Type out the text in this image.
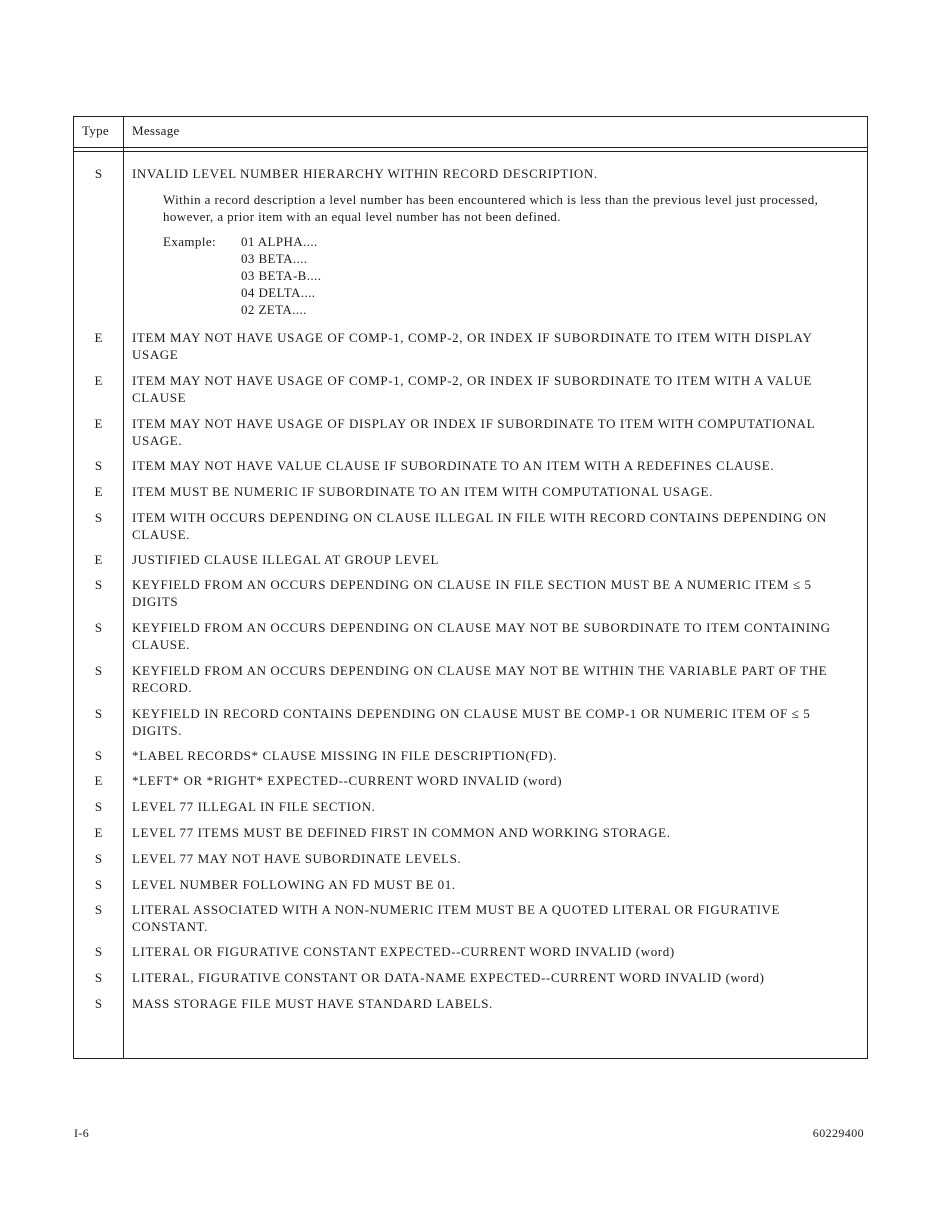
Type Message
S	INVALID LEVEL NUMBER HIERARCHY WITHIN RECORD DESCRIPTION.
Within a record description a level number has been encountered which is less than the previous level just processed, however, a prior item with an equal level number has not been defined.
Example:	01 ALPHA....
03 BETA....
03 BETA-B....
04 DELTA....
02 ZETA....
E	ITEM MAY NOT HAVE USAGE OF COMP-1, COMP-2, OR INDEX IF SUBORDINATE TO ITEM WITH DISPLAY USAGE
E	ITEM MAY NOT HAVE USAGE OF COMP-1, COMP-2, OR INDEX IF SUBORDINATE TO ITEM WITH A VALUE CLAUSE
E	ITEM MAY NOT HAVE USAGE OF DISPLAY OR INDEX IF SUBORDINATE TO ITEM WITH COMPUTATIONAL USAGE.
S	ITEM MAY NOT HAVE VALUE CLAUSE IF SUBORDINATE TO AN ITEM WITH A REDEFINES CLAUSE.
E	ITEM MUST BE NUMERIC IF SUBORDINATE TO AN ITEM WITH COMPUTATIONAL USAGE.
S	ITEM WITH OCCURS DEPENDING ON CLAUSE ILLEGAL IN FILE WITH RECORD CONTAINS DEPENDING ON CLAUSE.
E	JUSTIFIED CLAUSE ILLEGAL AT GROUP LEVEL
S	KEYFIELD FROM AN OCCURS DEPENDING ON CLAUSE IN FILE SECTION MUST BE A NUMERIC ITEM ≤ 5 DIGITS
S	KEYFIELD FROM AN OCCURS DEPENDING ON CLAUSE MAY NOT BE SUBORDINATE TO ITEM CONTAINING CLAUSE.
S	KEYFIELD FROM AN OCCURS DEPENDING ON CLAUSE MAY NOT BE WITHIN THE VARIABLE PART OF THE RECORD.
S	KEYFIELD IN RECORD CONTAINS DEPENDING ON CLAUSE MUST BE COMP-1 OR NUMERIC ITEM OF ≤ 5 DIGITS.
S	*LABEL RECORDS* CLAUSE MISSING IN FILE DESCRIPTION(FD).
E	*LEFT* OR *RIGHT* EXPECTED--CURRENT WORD INVALID (word)
S	LEVEL 77 ILLEGAL IN FILE SECTION.
E	LEVEL 77 ITEMS MUST BE DEFINED FIRST IN COMMON AND WORKING STORAGE.
S	LEVEL 77 MAY NOT HAVE SUBORDINATE LEVELS.
S	LEVEL NUMBER FOLLOWING AN FD MUST BE 01.
S	LITERAL ASSOCIATED WITH A NON-NUMERIC ITEM MUST BE A QUOTED LITERAL OR FIGURATIVE CONSTANT.
S	LITERAL OR FIGURATIVE CONSTANT EXPECTED--CURRENT WORD INVALID (word)
S	LITERAL, FIGURATIVE CONSTANT OR DATA-NAME EXPECTED--CURRENT WORD INVALID (word)
S	MASS STORAGE FILE MUST HAVE STANDARD LABELS.
I-6	60229400
